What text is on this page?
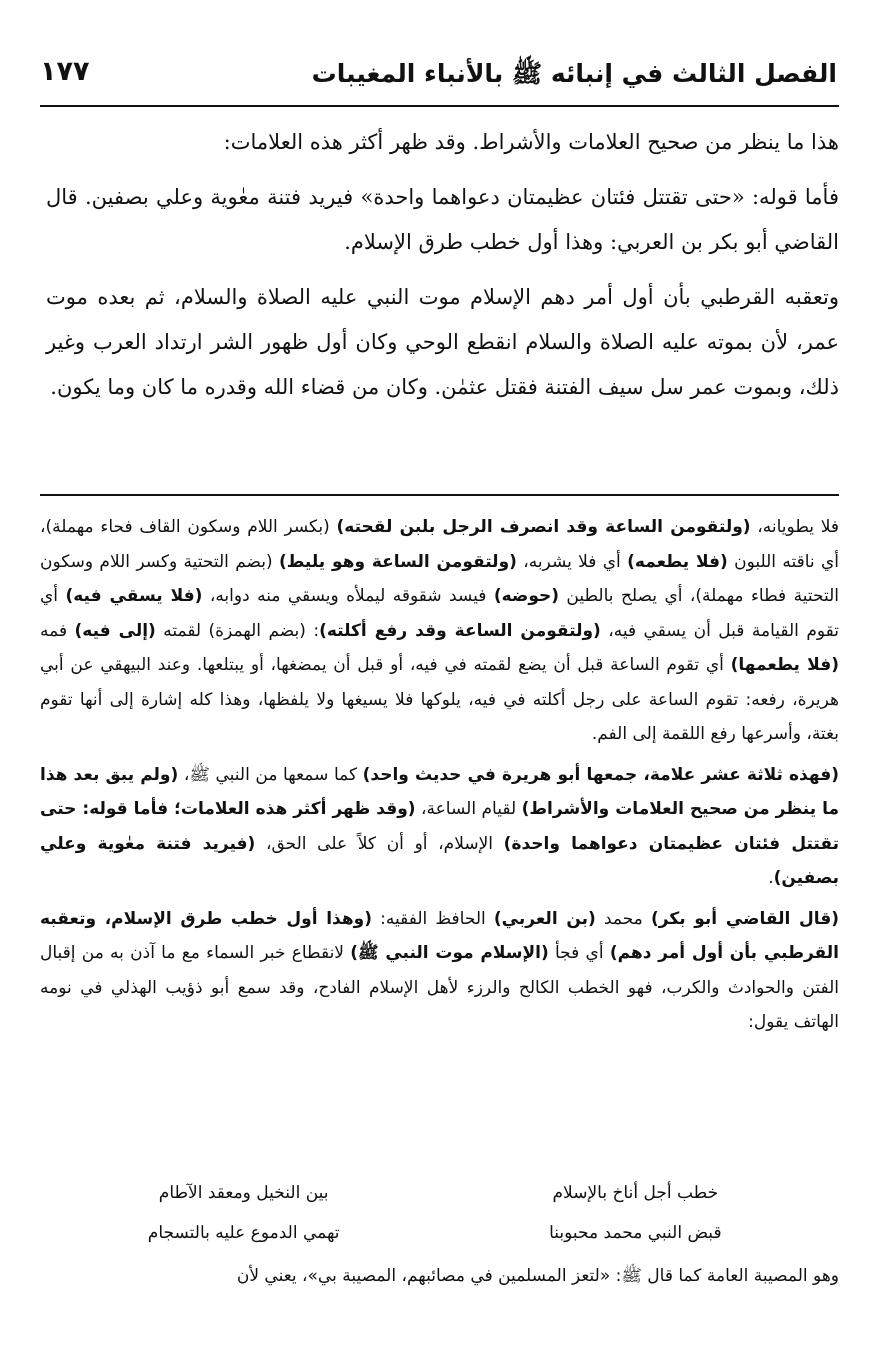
الفصل الثالث في إنبائه ﷺ بالأنباء المغيبات
١٧٧

هذا ما ينظر من صحيح العلامات والأشراط. وقد ظهر أكثر هذه العلامات:

فأما قوله: «حتى تقتتل فئتان عظيمتان دعواهما واحدة» فيريد فتنة معٰوية وعلي بصفين. قال القاضي أبو بكر بن العربي: وهذا أول خطب طرق الإسلام.

وتعقبه القرطبي بأن أول أمر دهم الإسلام موت النبي عليه الصلاة والسلام، ثم بعده موت عمر، لأن بموته عليه الصلاة والسلام انقطع الوحي وكان أول ظهور الشر ارتداد العرب وغير ذلك، وبموت عمر سل سيف الفتنة فقتل عثمٰن. وكان من قضاء الله وقدره ما كان وما يكون.

فلا يطويانه، (ولتقومن الساعة وقد انصرف الرجل بلبن لقحته) (بكسر اللام وسكون القاف فحاء مهملة)، أي ناقته اللبون (فلا يطعمه) أي فلا يشربه، (ولتقومن الساعة وهو يليط) (بضم التحتية وكسر اللام وسكون التحتية فطاء مهملة)، أي يصلح بالطين (حوضه) فيسد شقوقه ليملأه ويسقي منه دوابه، (فلا يسقي فيه) أي تقوم القيامة قبل أن يسقي فيه، (ولتقومن الساعة وقد رفع أكلته): (بضم الهمزة) لقمته (إلى فيه) فمه (فلا يطعمها) أي تقوم الساعة قبل أن يضع لقمته في فيه، أو قبل أن يمضغها، أو يبتلعها. وعند البيهقي عن أبي هريرة، رفعه: تقوم الساعة على رجل أكلته في فيه، يلوكها فلا يسيغها ولا يلفظها، وهذا كله إشارة إلى أنها تقوم بغتة، وأسرعها رفع اللقمة إلى الفم.

(فهذه ثلاثة عشر علامة، جمعها أبو هريرة في حديث واحد) كما سمعها من النبي ﷺ، (ولم يبق بعد هذا ما ينظر من صحيح العلامات والأشراط) لقيام الساعة، (وقد ظهر أكثر هذه العلامات؛ فأما قوله: حتى تقتتل فئتان عظيمتان دعواهما واحدة) الإسلام، أو أن كلاً على الحق، (فيريد فتنة معٰوية وعلي بصفين).

(قال القاضي أبو بكر) محمد (بن العربي) الحافظ الفقيه: (وهذا أول خطب طرق الإسلام، وتعقبه القرطبي بأن أول أمر دهم) أي فجأ (الإسلام موت النبي ﷺ) لانقطاع خبر السماء مع ما آذن به من إقبال الفتن والحوادث والكرب، فهو الخطب الكالح والرزء لأهل الإسلام الفادح، وقد سمع أبو ذؤيب الهذلي في نومه الهاتف يقول:

خطب أجل أناخ بالإسلام
بين النخيل ومعقد الآطام
قبض النبي محمد محبوبنا
تهمي الدموع عليه بالتسجام
وهو المصيبة العامة كما قال ﷺ: «لتعز المسلمين في مصائبهم، المصيبة بي»، يعني لأن
